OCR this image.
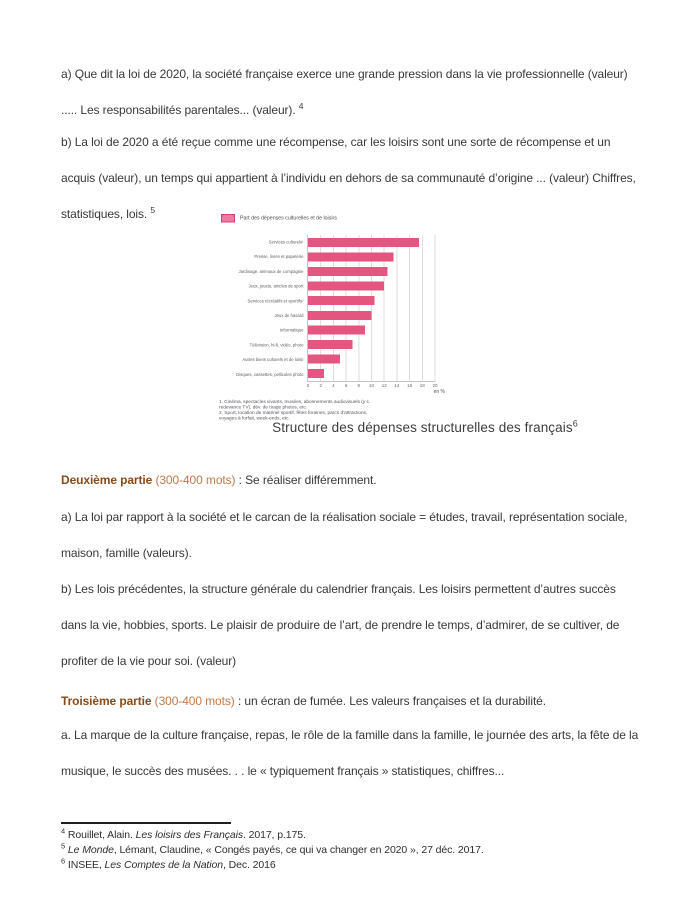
a) Que dit la loi de 2020, la société française exerce une grande pression dans la vie professionnelle (valeur) ..... Les responsabilités parentales... (valeur). $^4$

b) La loi de 2020 a été reçue comme une récompense, car les loisirs sont une sorte de récompense et un acquis (valeur), un temps qui appartient à l’individu en dehors de sa communauté d’origine ... (valeur) Chiffres, statistiques, lois. $^5$

Part des dépenses culturelles et de loisirs
Services culturels¹
Presse, livres et papeterie
Jardinage, animaux de compagnie
Jeux, jouets, articles de sport
Services récréatifs et sportifs²
Jeux de hasard
Informatique
Télévision, hi-fi, vidéo, photo
Autres biens culturels et de loisir
Disques, cassettes, pellicules photo
0 2 4 6 8 10 12 14 16 18 20
en %
1. Cinéma, spectacles vivants, musées, abonnements audiovisuels (y c. redevance TV), dév. de tirage photos, etc.
2. Sport, location de matériel sportif, fêtes foraines, parcs d’attractions, voyages à forfait, week-ends, etc.
Structure des dépenses structurelles des français$^6$

Deuxième partie (300-400 mots) : Se réaliser différemment.

a) La loi par rapport à la société et le carcan de la réalisation sociale = études, travail, représentation sociale, maison, famille (valeurs).

b) Les lois précédentes, la structure générale du calendrier français. Les loisirs permettent d’autres succès dans la vie, hobbies, sports. Le plaisir de produire de l’art, de prendre le temps, d’admirer, de se cultiver, de profiter de la vie pour soi. (valeur)

Troisième partie (300-400 mots) : un écran de fumée. Les valeurs françaises et la durabilité.

a. La marque de la culture française, repas, le rôle de la famille dans la famille, le journée des arts, la fête de la musique, le succès des musées. . . le « typiquement français » statistiques, chiffres...

$^4$ Rouillet, Alain. Les loisirs des Français. 2017, p.175.
$^5$ Le Monde, Lémant, Claudine, « Congés payés, ce qui va changer en 2020 », 27 déc. 2017.
$^6$ INSEE, Les Comptes de la Nation, Dec. 2016
